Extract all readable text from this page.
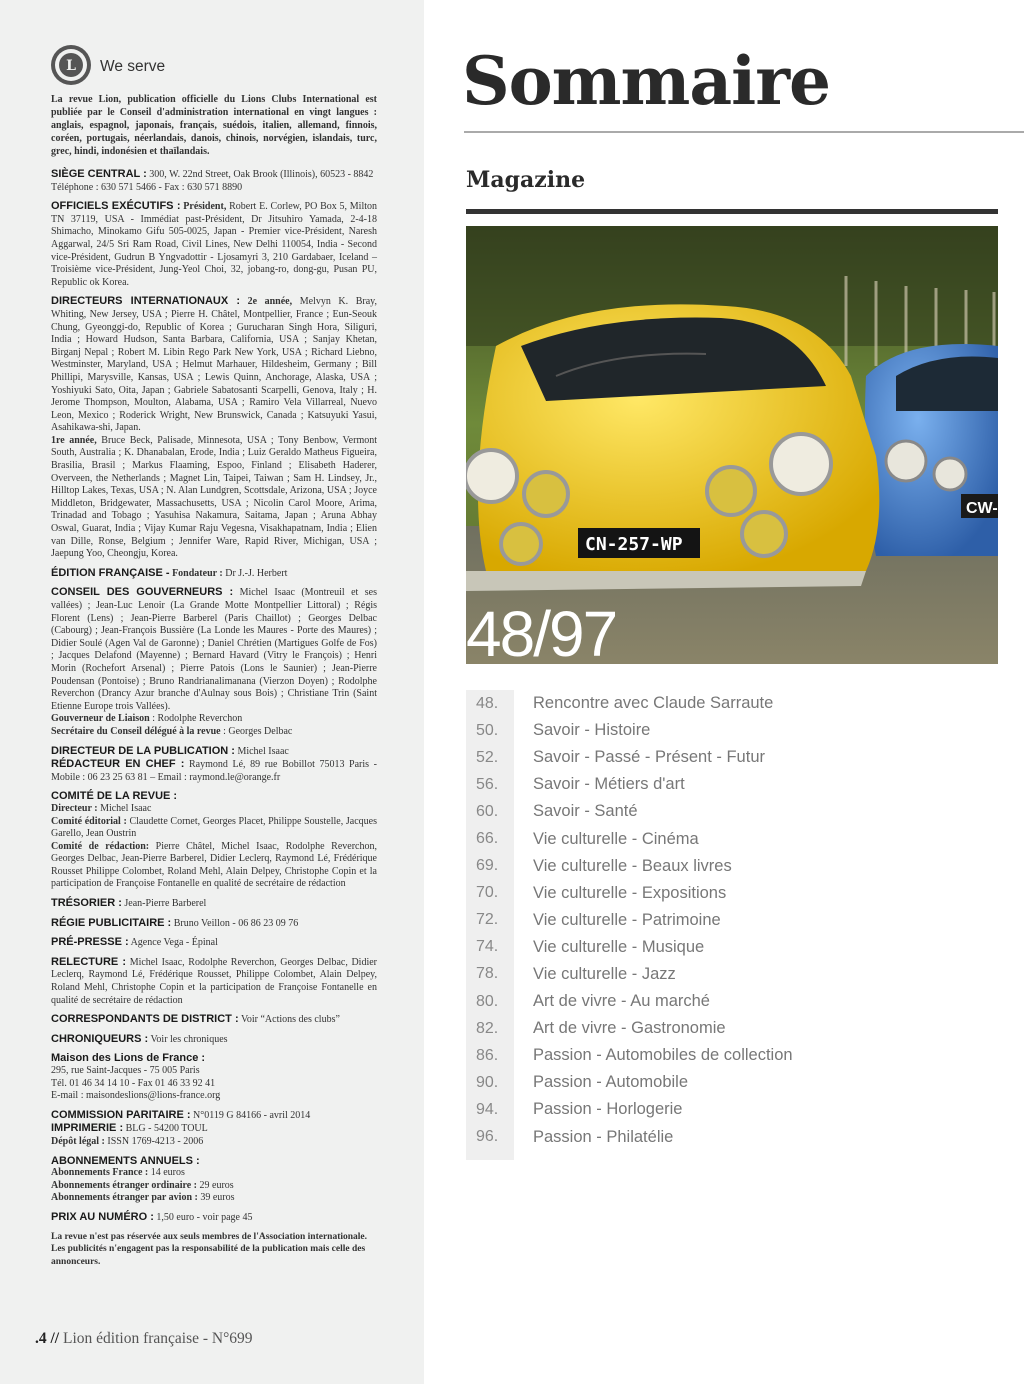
L We serve

La revue Lion, publication officielle du Lions Clubs International est publiée par le Conseil d'administration international en vingt langues : anglais, espagnol, japonais, français, suédois, italien, allemand, finnois, coréen, portugais, néerlandais, danois, chinois, norvégien, islandais, turc, grec, hindi, indonésien et thaïlandais.

SIÈGE CENTRAL : 300, W. 22nd Street, Oak Brook (Illinois), 60523 - 8842
Téléphone : 630 571 5466 - Fax : 630 571 8890
OFFICIELS EXÉCUTIFS : Président, Robert E. Corlew, PO Box 5, Milton TN 37119, USA - Immédiat past-Président, Dr Jitsuhiro Yamada, 2-4-18 Shimacho, Minokamo Gifu 505-0025, Japan - Premier vice-Président, Naresh Aggarwal, 24/5 Sri Ram Road, Civil Lines, New Delhi 110054, India - Second vice-Président, Gudrun B Yngvadottir - Ljosamyri 3, 210 Gardabaer, Iceland – Troisième vice-Président, Jung-Yeol Choi, 32, jobang-ro, dong-gu, Pusan PU, Republic ok Korea.
DIRECTEURS INTERNATIONAUX : 2e année, Melvyn K. Bray, Whiting, New Jersey, USA ; Pierre H. Châtel, Montpellier, France ; Eun-Seouk Chung, Gyeonggi-do, Republic of Korea ; Gurucharan Singh Hora, Siliguri, India ; Howard Hudson, Santa Barbara, California, USA ; Sanjay Khetan, Birganj Nepal ; Robert M. Libin Rego Park New York, USA ; Richard Liebno, Westminster, Maryland, USA ; Helmut Marhauer, Hildesheim, Germany ; Bill Phillipi, Marysville, Kansas, USA ; Lewis Quinn, Anchorage, Alaska, USA ; Yoshiyuki Sato, Oita, Japan ; Gabriele Sabatosanti Scarpelli, Genova, Italy ; H. Jerome Thompson, Moulton, Alabama, USA ; Ramiro Vela Villarreal, Nuevo Leon, Mexico ; Roderick Wright, New Brunswick, Canada ; Katsuyuki Yasui, Asahikawa-shi, Japan.
1re année, Bruce Beck, Palisade, Minnesota, USA ; Tony Benbow, Vermont South, Australia ; K. Dhanabalan, Erode, India ; Luiz Geraldo Matheus Figueira, Brasilia, Brasil ; Markus Flaaming, Espoo, Finland ; Elisabeth Haderer, Overveen, the Netherlands ; Magnet Lin, Taipei, Taiwan ; Sam H. Lindsey, Jr., Hilltop Lakes, Texas, USA ; N. Alan Lundgren, Scottsdale, Arizona, USA ; Joyce Middleton, Bridgewater, Massachusetts, USA ; Nicolin Carol Moore, Arima, Trinadad and Tobago ; Yasuhisa Nakamura, Saitama, Japan ; Aruna Abhay Oswal, Guarat, India ; Vijay Kumar Raju Vegesna, Visakhapatnam, India ; Elien van Dille, Ronse, Belgium ; Jennifer Ware, Rapid River, Michigan, USA ; Jaepung Yoo, Cheongju, Korea.
ÉDITION FRANÇAISE - Fondateur : Dr J.-J. Herbert
CONSEIL DES GOUVERNEURS : Michel Isaac (Montreuil et ses vallées) ; Jean-Luc Lenoir (La Grande Motte Montpellier Littoral) ; Régis Florent (Lens) ; Jean-Pierre Barberel (Paris Chaillot) ; Georges Delbac (Cabourg) ; Jean-François Bussière (La Londe les Maures - Porte des Maures) ; Didier Soulé (Agen Val de Garonne) ; Daniel Chrétien (Martigues Golfe de Fos) ; Jacques Delafond (Mayenne) ; Bernard Havard (Vitry le François) ; Henri Morin (Rochefort Arsenal) ; Pierre Patois (Lons le Saunier) ; Jean-Pierre Poudensan (Pontoise) ; Bruno Randrianalimanana (Vierzon Doyen) ; Rodolphe Reverchon (Drancy Azur branche d'Aulnay sous Bois) ; Christiane Trin (Saint Etienne Europe trois Vallées).
Gouverneur de Liaison : Rodolphe Reverchon
Secrétaire du Conseil délégué à la revue : Georges Delbac
DIRECTEUR DE LA PUBLICATION : Michel Isaac
RÉDACTEUR EN CHEF : Raymond Lé, 89 rue Bobillot 75013 Paris - Mobile : 06 23 25 63 81 – Email : raymond.le@orange.fr
COMITÉ DE LA REVUE :
Directeur : Michel Isaac
Comité éditorial : Claudette Cornet, Georges Placet, Philippe Soustelle, Jacques Garello, Jean Oustrin
Comité de rédaction: Pierre Châtel, Michel Isaac, Rodolphe Reverchon, Georges Delbac, Jean-Pierre Barberel, Didier Leclerq, Raymond Lé, Frédérique Rousset Philippe Colombet, Roland Mehl, Alain Delpey, Christophe Copin et la participation de Françoise Fontanelle en qualité de secrétaire de rédaction
TRÉSORIER : Jean-Pierre Barberel
RÉGIE PUBLICITAIRE : Bruno Veillon - 06 86 23 09 76
PRÉ-PRESSE : Agence Vega - Épinal
RELECTURE : Michel Isaac, Rodolphe Reverchon, Georges Delbac, Didier Leclerq, Raymond Lé, Frédérique Rousset, Philippe Colombet, Alain Delpey, Roland Mehl, Christophe Copin et la participation de Françoise Fontanelle en qualité de secrétaire de rédaction
CORRESPONDANTS DE DISTRICT : Voir “Actions des clubs”
CHRONIQUEURS : Voir les chroniques
Maison des Lions de France :
295, rue Saint-Jacques - 75 005 Paris
Tél. 01 46 34 14 10 - Fax 01 46 33 92 41
E-mail : maisondeslions@lions-france.org
COMMISSION PARITAIRE : N°0119 G 84166 - avril 2014
IMPRIMERIE : BLG - 54200 TOUL
Dépôt légal : ISSN 1769-4213 - 2006
ABONNEMENTS ANNUELS :
Abonnements France : 14 euros
Abonnements étranger ordinaire : 29 euros
Abonnements étranger par avion : 39 euros
PRIX AU NUMÉRO : 1,50 euro - voir page 45

La revue n'est pas réservée aux seuls membres de l'Association internationale. Les publicités n'engagent pas la responsabilité de la publication mais celle des annonceurs.

.4 // Lion édition française - N°699
Sommaire
Magazine
CW-
CN-257-WP
48/97
48.	Rencontre avec Claude Sarraute
50.	Savoir - Histoire
52.	Savoir - Passé - Présent - Futur
56.	Savoir - Métiers d'art
60.	Savoir - Santé
66.	Vie culturelle - Cinéma
69.	Vie culturelle - Beaux livres
70.	Vie culturelle - Expositions
72.	Vie culturelle - Patrimoine
74.	Vie culturelle - Musique
78.	Vie culturelle - Jazz
80.	Art de vivre - Au marché
82.	Art de vivre - Gastronomie
86.	Passion - Automobiles de collection
90.	Passion - Automobile
94.	Passion - Horlogerie
96.	Passion - Philatélie
